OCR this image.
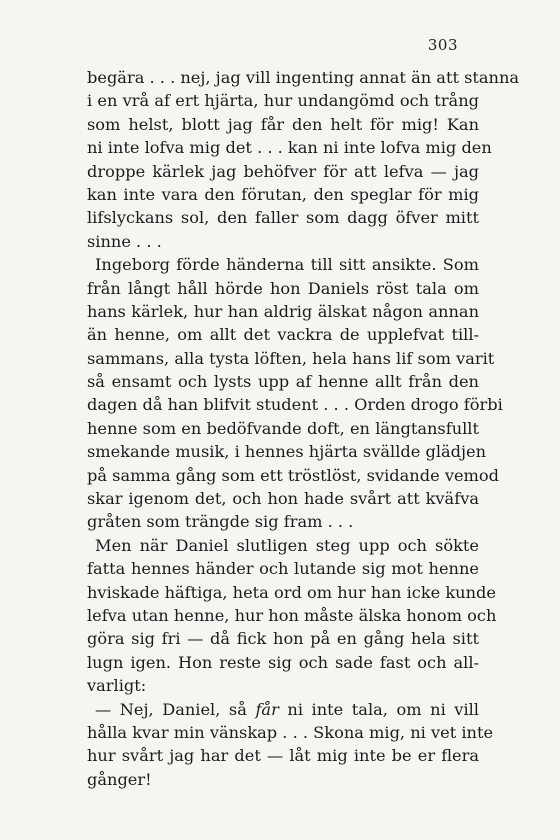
303
begära . . . nej, jag vill ingenting annat än att stanna
i en vrå af ert hjärta, hur undangömd och trång
som helst, blott jag får den helt för mig! Kan
ni inte lofva mig det . . . kan ni inte lofva mig den
droppe kärlek jag behöfver för att lefva — jag
kan inte vara den förutan, den speglar för mig
lifslyckans sol, den faller som dagg öfver mitt
sinne . . .
Ingeborg förde händerna till sitt ansikte. Som
från långt håll hörde hon Daniels röst tala om
hans kärlek, hur han aldrig älskat någon annan
än henne, om allt det vackra de upplefvat till-
sammans, alla tysta löften, hela hans lif som varit
så ensamt och lysts upp af henne allt från den
dagen då han blifvit student . . . Orden drogo förbi
henne som en bedöfvande doft, en längtansfullt
smekande musik, i hennes hjärta svällde glädjen
på samma gång som ett tröstlöst, svidande vemod
skar igenom det, och hon hade svårt att kväfva
gråten som trängde sig fram . . .
Men när Daniel slutligen steg upp och sökte
fatta hennes händer och lutande sig mot henne
hviskade häftiga, heta ord om hur han icke kunde
lefva utan henne, hur hon måste älska honom och
göra sig fri — då fick hon på en gång hela sitt
lugn igen. Hon reste sig och sade fast och all-
varligt:
— Nej, Daniel, så får ni inte tala, om ni vill
hålla kvar min vänskap . . . Skona mig, ni vet inte
hur svårt jag har det — låt mig inte be er flera
gånger!
